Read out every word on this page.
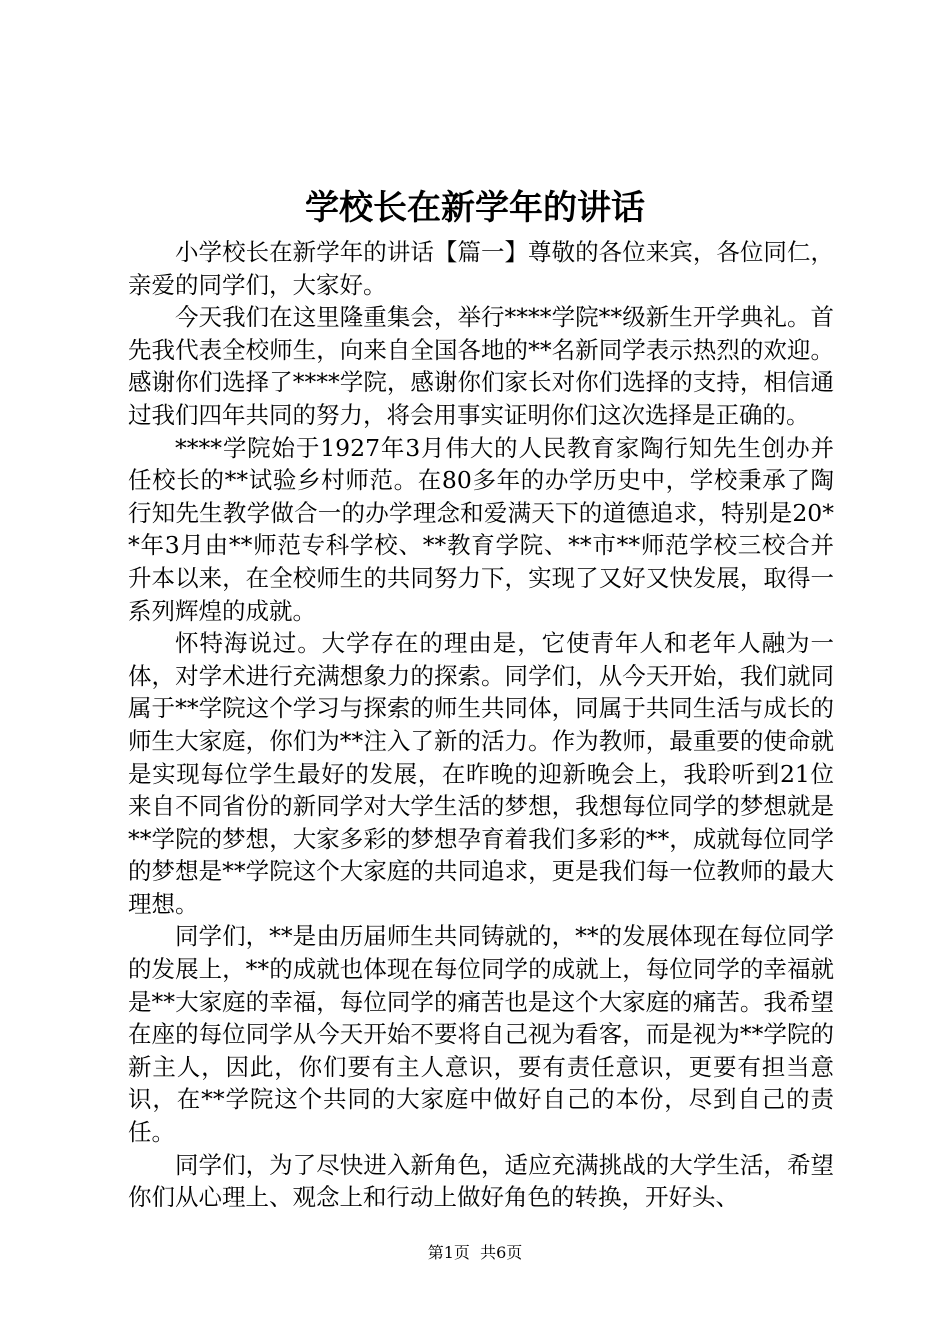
学校长在新学年的讲话

小学校长在新学年的讲话【篇一】尊敬的各位来宾，各位同仁，亲爱的同学们，大家好。

今天我们在这里隆重集会，举行****学院**级新生开学典礼。首先我代表全校师生，向来自全国各地的**名新同学表示热烈的欢迎。感谢你们选择了****学院，感谢你们家长对你们选择的支持，相信通过我们四年共同的努力，将会用事实证明你们这次选择是正确的。

****学院始于1927年3月伟大的人民教育家陶行知先生创办并任校长的**试验乡村师范。在80多年的办学历史中，学校秉承了陶行知先生教学做合一的办学理念和爱满天下的道德追求，特别是20**年3月由**师范专科学校、**教育学院、**市**师范学校三校合并升本以来，在全校师生的共同努力下，实现了又好又快发展，取得一系列辉煌的成就。

怀特海说过。大学存在的理由是，它使青年人和老年人融为一体，对学术进行充满想象力的探索。同学们，从今天开始，我们就同属于**学院这个学习与探索的师生共同体，同属于共同生活与成长的师生大家庭，你们为**注入了新的活力。作为教师，最重要的使命就是实现每位学生最好的发展，在昨晚的迎新晚会上，我聆听到21位来自不同省份的新同学对大学生活的梦想，我想每位同学的梦想就是**学院的梦想，大家多彩的梦想孕育着我们多彩的**，成就每位同学的梦想是**学院这个大家庭的共同追求，更是我们每一位教师的最大理想。

同学们，**是由历届师生共同铸就的，**的发展体现在每位同学的发展上，**的成就也体现在每位同学的成就上，每位同学的幸福就是**大家庭的幸福，每位同学的痛苦也是这个大家庭的痛苦。我希望在座的每位同学从今天开始不要将自己视为看客，而是视为**学院的新主人，因此，你们要有主人意识，要有责任意识，更要有担当意识，在**学院这个共同的大家庭中做好自己的本份，尽到自己的责任。

同学们，为了尽快进入新角色，适应充满挑战的大学生活，希望你们从心理上、观念上和行动上做好角色的转换，开好头、

第1页  共6页
